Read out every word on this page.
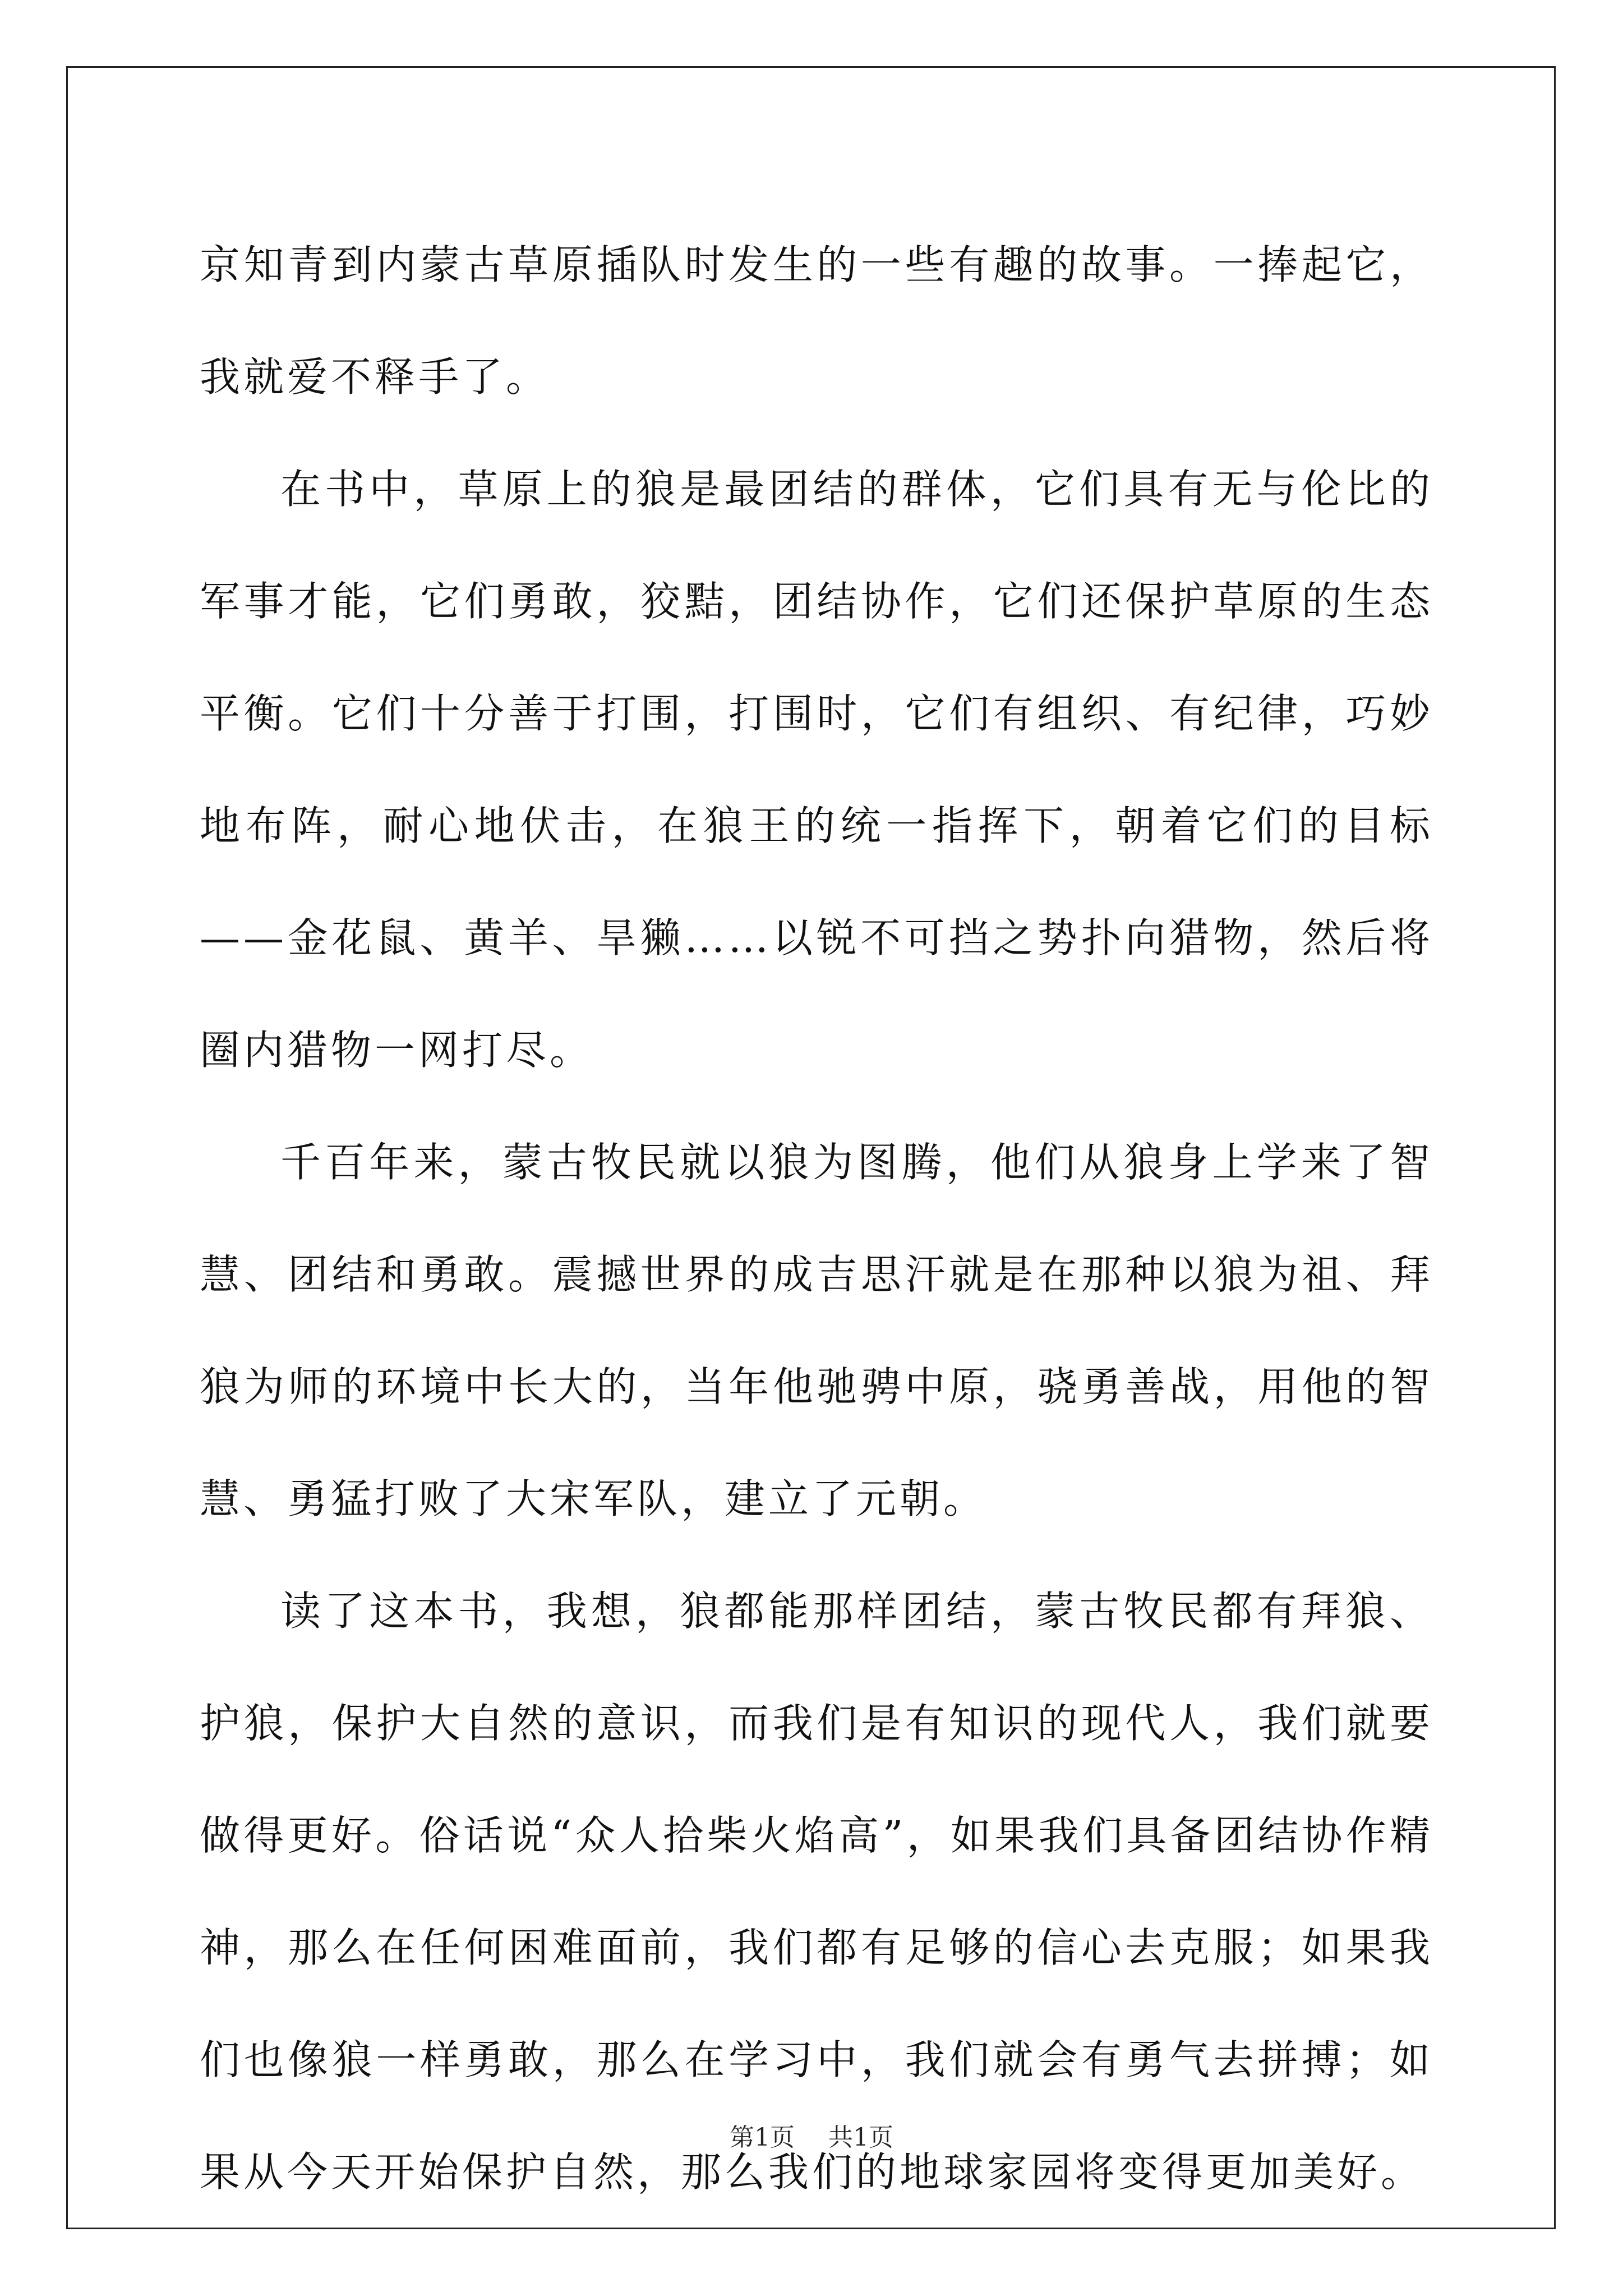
京知青到内蒙古草原插队时发生的一些有趣的故事。一捧起它，我就爱不释手了。

在书中，草原上的狼是最团结的群体，它们具有无与伦比的军事才能，它们勇敢，狡黠，团结协作，它们还保护草原的生态平衡。它们十分善于打围，打围时，它们有组织、有纪律，巧妙地布阵，耐心地伏击，在狼王的统一指挥下，朝着它们的目标——金花鼠、黄羊、旱獭……以锐不可挡之势扑向猎物，然后将圈内猎物一网打尽。

千百年来，蒙古牧民就以狼为图腾，他们从狼身上学来了智慧、团结和勇敢。震撼世界的成吉思汗就是在那种以狼为祖、拜狼为师的环境中长大的，当年他驰骋中原，骁勇善战，用他的智慧、勇猛打败了大宋军队，建立了元朝。

读了这本书，我想，狼都能那样团结，蒙古牧民都有拜狼、护狼，保护大自然的意识，而我们是有知识的现代人，我们就要做得更好。俗话说“众人拾柴火焰高”，如果我们具备团结协作精神，那么在任何困难面前，我们都有足够的信心去克服；如果我们也像狼一样勇敢，那么在学习中，我们就会有勇气去拼搏；如果从今天开始保护自然，那么我们的地球家园将变得更加美好。

第1页 共1页
